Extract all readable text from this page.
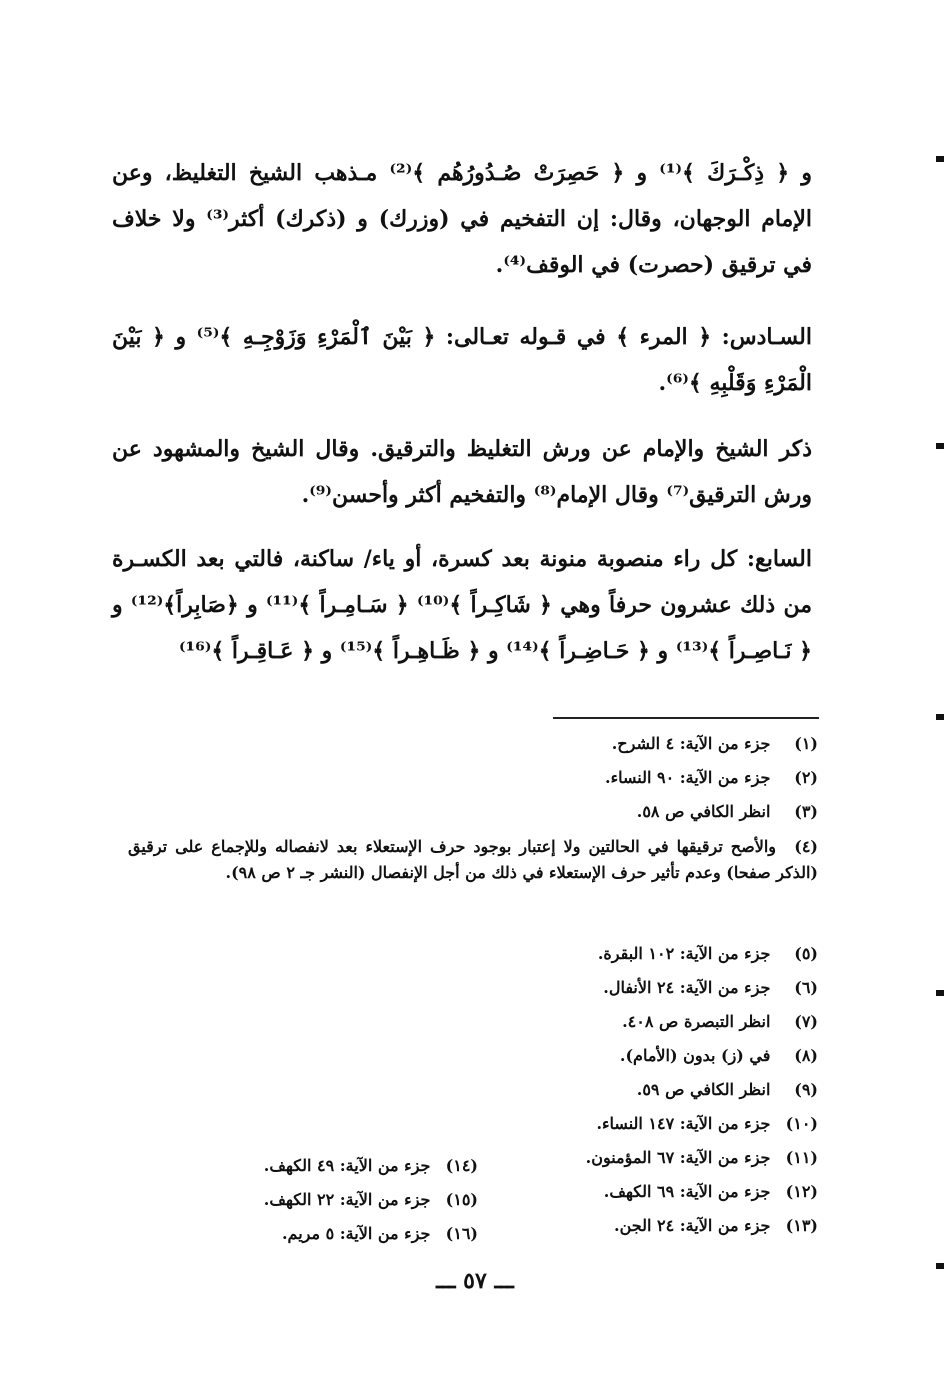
و ﴿ ذِكْـرَكَ ﴾⁽¹⁾ و ﴿ حَصِرَتْ صُـدُورُهُم ﴾⁽²⁾ مـذهب الشيخ التغليظ، وعن الإمام الوجهان، وقال: إن التفخيم في (وزرك) و (ذكرك) أكثر⁽³⁾ ولا خلاف في ترقيق (حصرت) في الوقف⁽⁴⁾.
السـادس: ﴿ المرء ﴾ في قـوله تعـالى: ﴿ بَيْنَ ٱلْمَرْءِ وَزَوْجِـهِ ﴾⁽⁵⁾ و ﴿ بَيْنَ الْمَرْءِ وَقَلْبِهِ ﴾⁽⁶⁾.
ذكر الشيخ والإمام عن ورش التغليظ والترقيق. وقال الشيخ والمشهود عن ورش الترقيق⁽⁷⁾ وقال الإمام⁽⁸⁾ والتفخيم أكثر وأحسن⁽⁹⁾.
السابع: كل راء منصوبة منونة بعد كسرة، أو ياء/ ساكنة، فالتي بعد الكسـرة من ذلك عشرون حرفاً وهي ﴿ شَاكِـراً ﴾⁽¹⁰⁾ ﴿ سَـامِـراً ﴾⁽¹¹⁾ و ﴿صَابِراً﴾⁽¹²⁾ و ﴿ نَـاصِـراً ﴾⁽¹³⁾ و ﴿ حَـاضِـراً ﴾⁽¹⁴⁾ و ﴿ ظَـاهِـراً ﴾⁽¹⁵⁾ و ﴿ عَـاقِـراً ﴾⁽¹⁶⁾
(١) جزء من الآية: ٤ الشرح.
(٢) جزء من الآية: ٩٠ النساء.
(٣) انظر الكافي ص ٥٨.
(٤)والأصح ترقيقها في الحالتين ولا إعتبار بوجود حرف الإستعلاء بعد لانفصاله وللإجماع على ترقيق (الذكر صفحا) وعدم تأثير حرف الإستعلاء في ذلك من أجل الإنفصال (النشر جـ ٢ ص ٩٨).
(٥) جزء من الآية: ١٠٢ البقرة.
(٦) جزء من الآية: ٢٤ الأنفال.
(٧) انظر التبصرة ص ٤٠٨.
(٨) في (ز) بدون (الأمام).
(٩) انظر الكافي ص ٥٩.
(١٠) جزء من الآية: ١٤٧ النساء.
(١١) جزء من الآية: ٦٧ المؤمنون.
(١٢) جزء من الآية: ٦٩ الكهف.
(١٣) جزء من الآية: ٢٤ الجن.
(١٤) جزء من الآية: ٤٩ الكهف.
(١٥) جزء من الآية: ٢٢ الكهف.
(١٦) جزء من الآية: ٥ مريم.
ـــ ٥٧ ـــ
